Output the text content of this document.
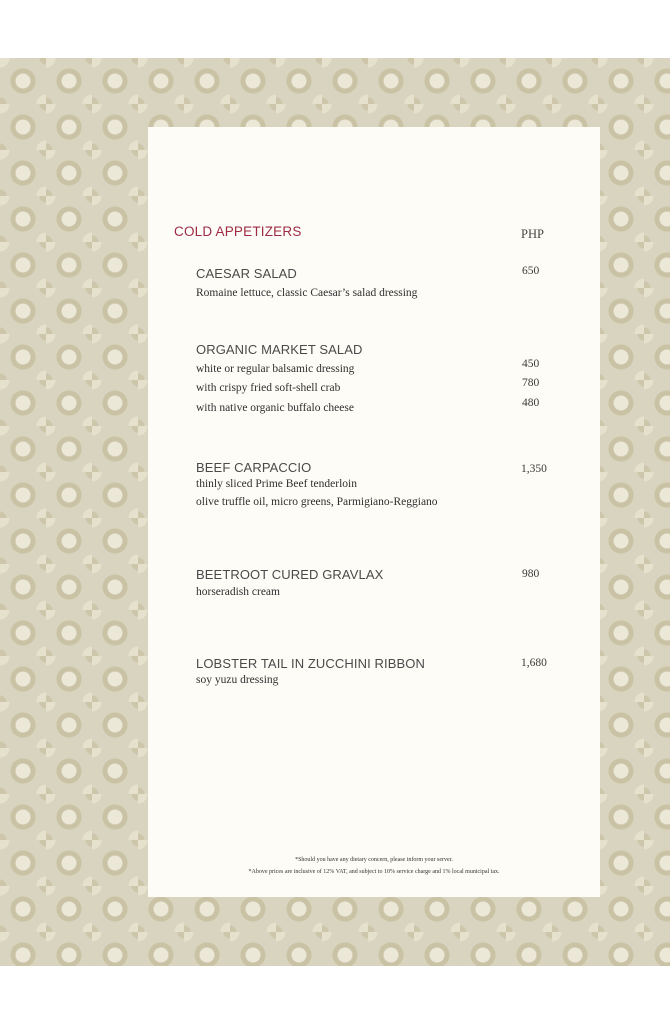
COLD APPETIZERS	PHP

CAESAR SALAD	650

Romaine lettuce, classic Caesar’s salad dressing

ORGANIC MARKET SALAD

white or regular balsamic dressing	450

with crispy fried soft-shell crab	780

with native organic buffalo cheese	480

BEEF CARPACCIO	1,350

thinly sliced Prime Beef tenderloin

olive truffle oil, micro greens, Parmigiano-Reggiano

BEETROOT CURED GRAVLAX	980

horseradish cream

LOBSTER TAIL IN ZUCCHINI RIBBON	1,680

soy yuzu dressing

*Should you have any dietary concern, please inform your server.

*Above prices are inclusive of 12% VAT, and subject to 10% service charge and 1% local municipal tax.
